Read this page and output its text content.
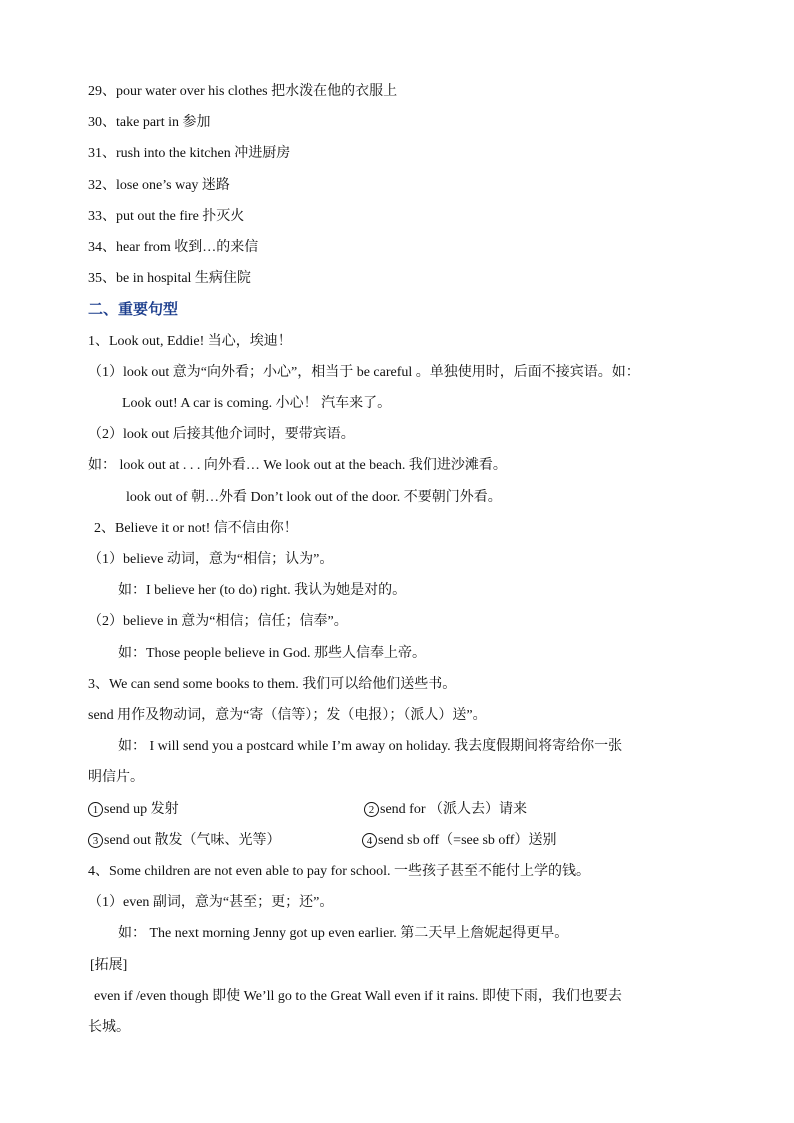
29、pour water over his clothes 把水泼在他的衣服上
30、take part in 参加
31、rush into the kitchen 冲进厨房
32、lose one’s way 迷路
33、put out the fire 扑灭火
34、hear from 收到…的来信
35、be in hospital 生病住院
二、重要句型
1、Look out, Eddie! 当心，埃迪！
（1）look out 意为“向外看；小心”，相当于 be careful 。单独使用时，后面不接宾语。如：
Look out! A car is coming. 小心！ 汽车来了。
（2）look out 后接其他介词时，要带宾语。
如： look out at . . . 向外看… We look out at the beach. 我们进沙滩看。
look out of 朝…外看 Don’t look out of the door. 不要朝门外看。
2、Believe it or not! 信不信由你！
（1）believe 动词，意为“相信；认为”。
如：I believe her (to do) right. 我认为她是对的。
（2）believe in 意为“相信；信任；信奉”。
如：Those people believe in God. 那些人信奉上帝。
3、We can send some books to them. 我们可以给他们送些书。
send 用作及物动词，意为“寄（信等）；发（电报）；（派人）送”。
如： I will send you a postcard while I’m away on holiday. 我去度假期间将寄给你一张
明信片。
1 send up 发射	2 send for （派人去）请来
3 send out 散发（气味、光等）	4 send sb off（=see sb off）送别
4、Some children are not even able to pay for school. 一些孩子甚至不能付上学的钱。
（1）even 副词，意为“甚至；更；还”。
如： The next morning Jenny got up even earlier. 第二天早上詹妮起得更早。
[拓展]
even if /even though 即使 We’ll go to the Great Wall even if it rains. 即使下雨，我们也要去
长城。
